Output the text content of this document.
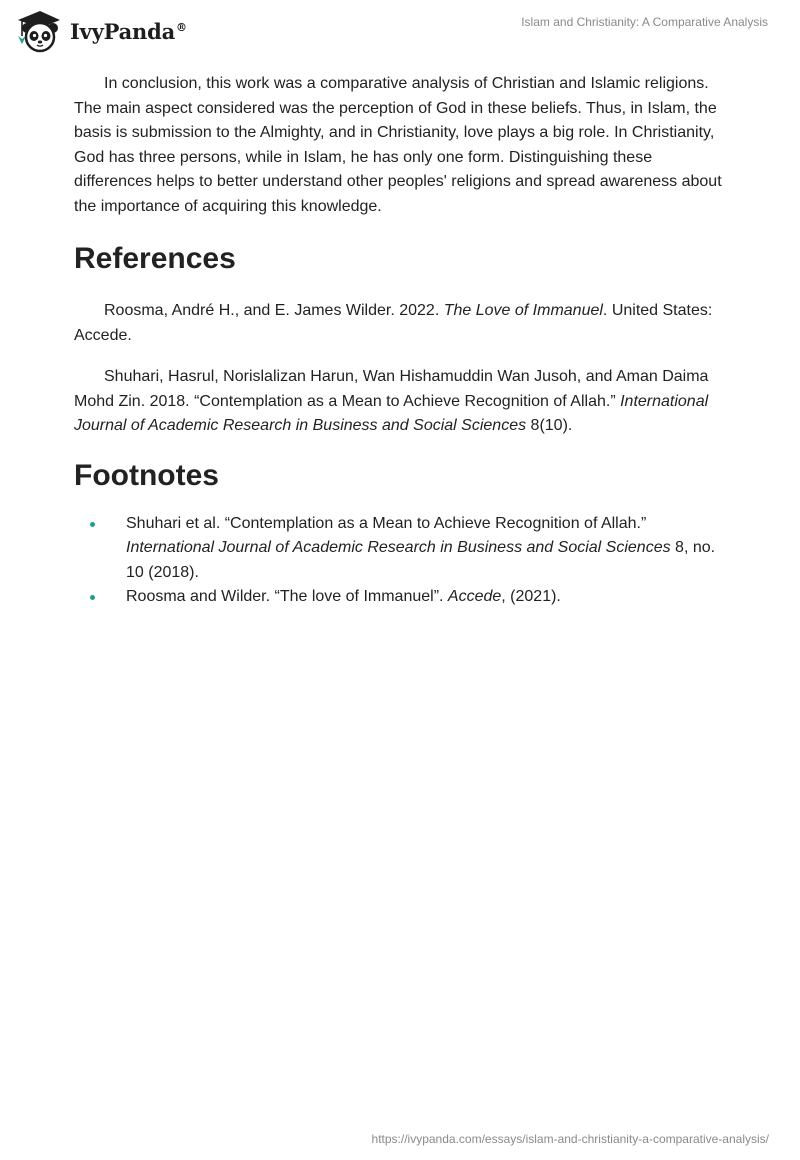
IvyPanda®	Islam and Christianity: A Comparative Analysis

In conclusion, this work was a comparative analysis of Christian and Islamic religions. The main aspect considered was the perception of God in these beliefs. Thus, in Islam, the basis is submission to the Almighty, and in Christianity, love plays a big role. In Christianity, God has three persons, while in Islam, he has only one form. Distinguishing these differences helps to better understand other peoples' religions and spread awareness about the importance of acquiring this knowledge.

References

Roosma, André H., and E. James Wilder. 2022. The Love of Immanuel. United States: Accede.

Shuhari, Hasrul, Norislalizan Harun, Wan Hishamuddin Wan Jusoh, and Aman Daima Mohd Zin. 2018. “Contemplation as a Mean to Achieve Recognition of Allah.” International Journal of Academic Research in Business and Social Sciences 8(10).

Footnotes
Shuhari et al. “Contemplation as a Mean to Achieve Recognition of Allah.” International Journal of Academic Research in Business and Social Sciences 8, no. 10 (2018).
Roosma and Wilder. “The love of Immanuel”. Accede, (2021).
https://ivypanda.com/essays/islam-and-christianity-a-comparative-analysis/
